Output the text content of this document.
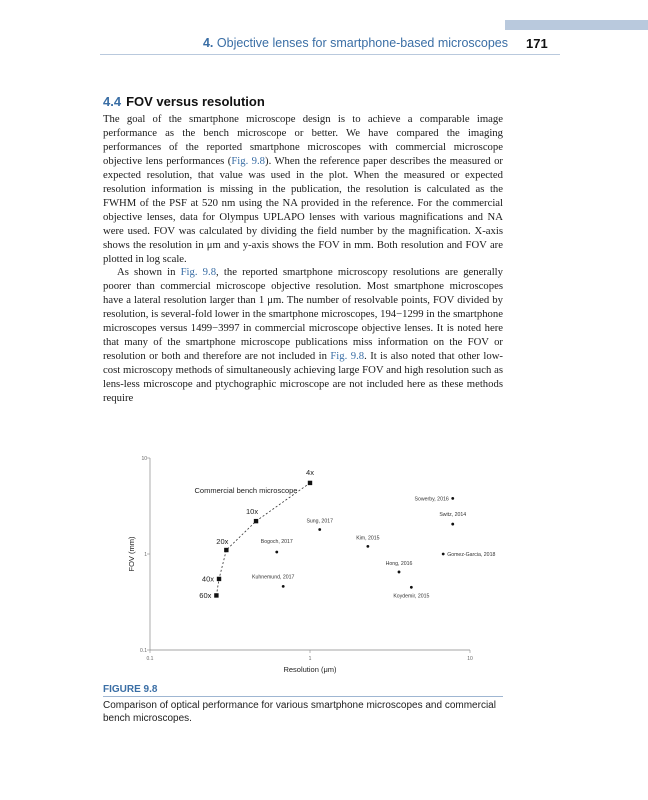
4. Objective lenses for smartphone-based microscopes 171
4.4 FOV versus resolution

The goal of the smartphone microscope design is to achieve a comparable image performance as the bench microscope or better. We have compared the imaging performances of the reported smartphone microscopes with commercial microscope objective lens performances (Fig. 9.8). When the reference paper describes the measured or expected resolution, that value was used in the plot. When the measured or expected resolution information is missing in the publication, the resolution is calculated as the FWHM of the PSF at 520 nm using the NA provided in the reference. For the commercial objective lenses, data for Olympus UPLAPO lenses with various magnifications and NA were used. FOV was calculated by dividing the field number by the magnification. X-axis shows the resolution in μm and y-axis shows the FOV in mm. Both resolution and FOV are plotted in log scale.

As shown in Fig. 9.8, the reported smartphone microscopy resolutions are generally poorer than commercial microscope objective resolution. Most smartphone microscopes have a lateral resolution larger than 1 μm. The number of resolvable points, FOV divided by resolution, is several-fold lower in the smartphone microscopes, 194−1299 in the smartphone microscopes versus 1499−3997 in commercial microscope objective lenses. It is noted here that many of the smartphone microscope publications miss information on the FOV or resolution or both and therefore are not included in Fig. 9.8. It is also noted that other low-cost microscopy methods of simultaneously achieving large FOV and high resolution such as lens-less microscope and ptychographic microscope are not included here as these methods require

0.1	1	10
0.1
1
10
Resolution (μm)
FOV (mm)
Commercial bench microscope
4x
10x
20x
40x
60x
Sowerby, 2016
Switz, 2014
Sung, 2017
Kim, 2015
Bogoch, 2017
Gomez-Garcia, 2018
Hong, 2016
Kuhnemund, 2017
Koydemir, 2015

FIGURE 9.8

Comparison of optical performance for various smartphone microscopes and commercial bench microscopes.
